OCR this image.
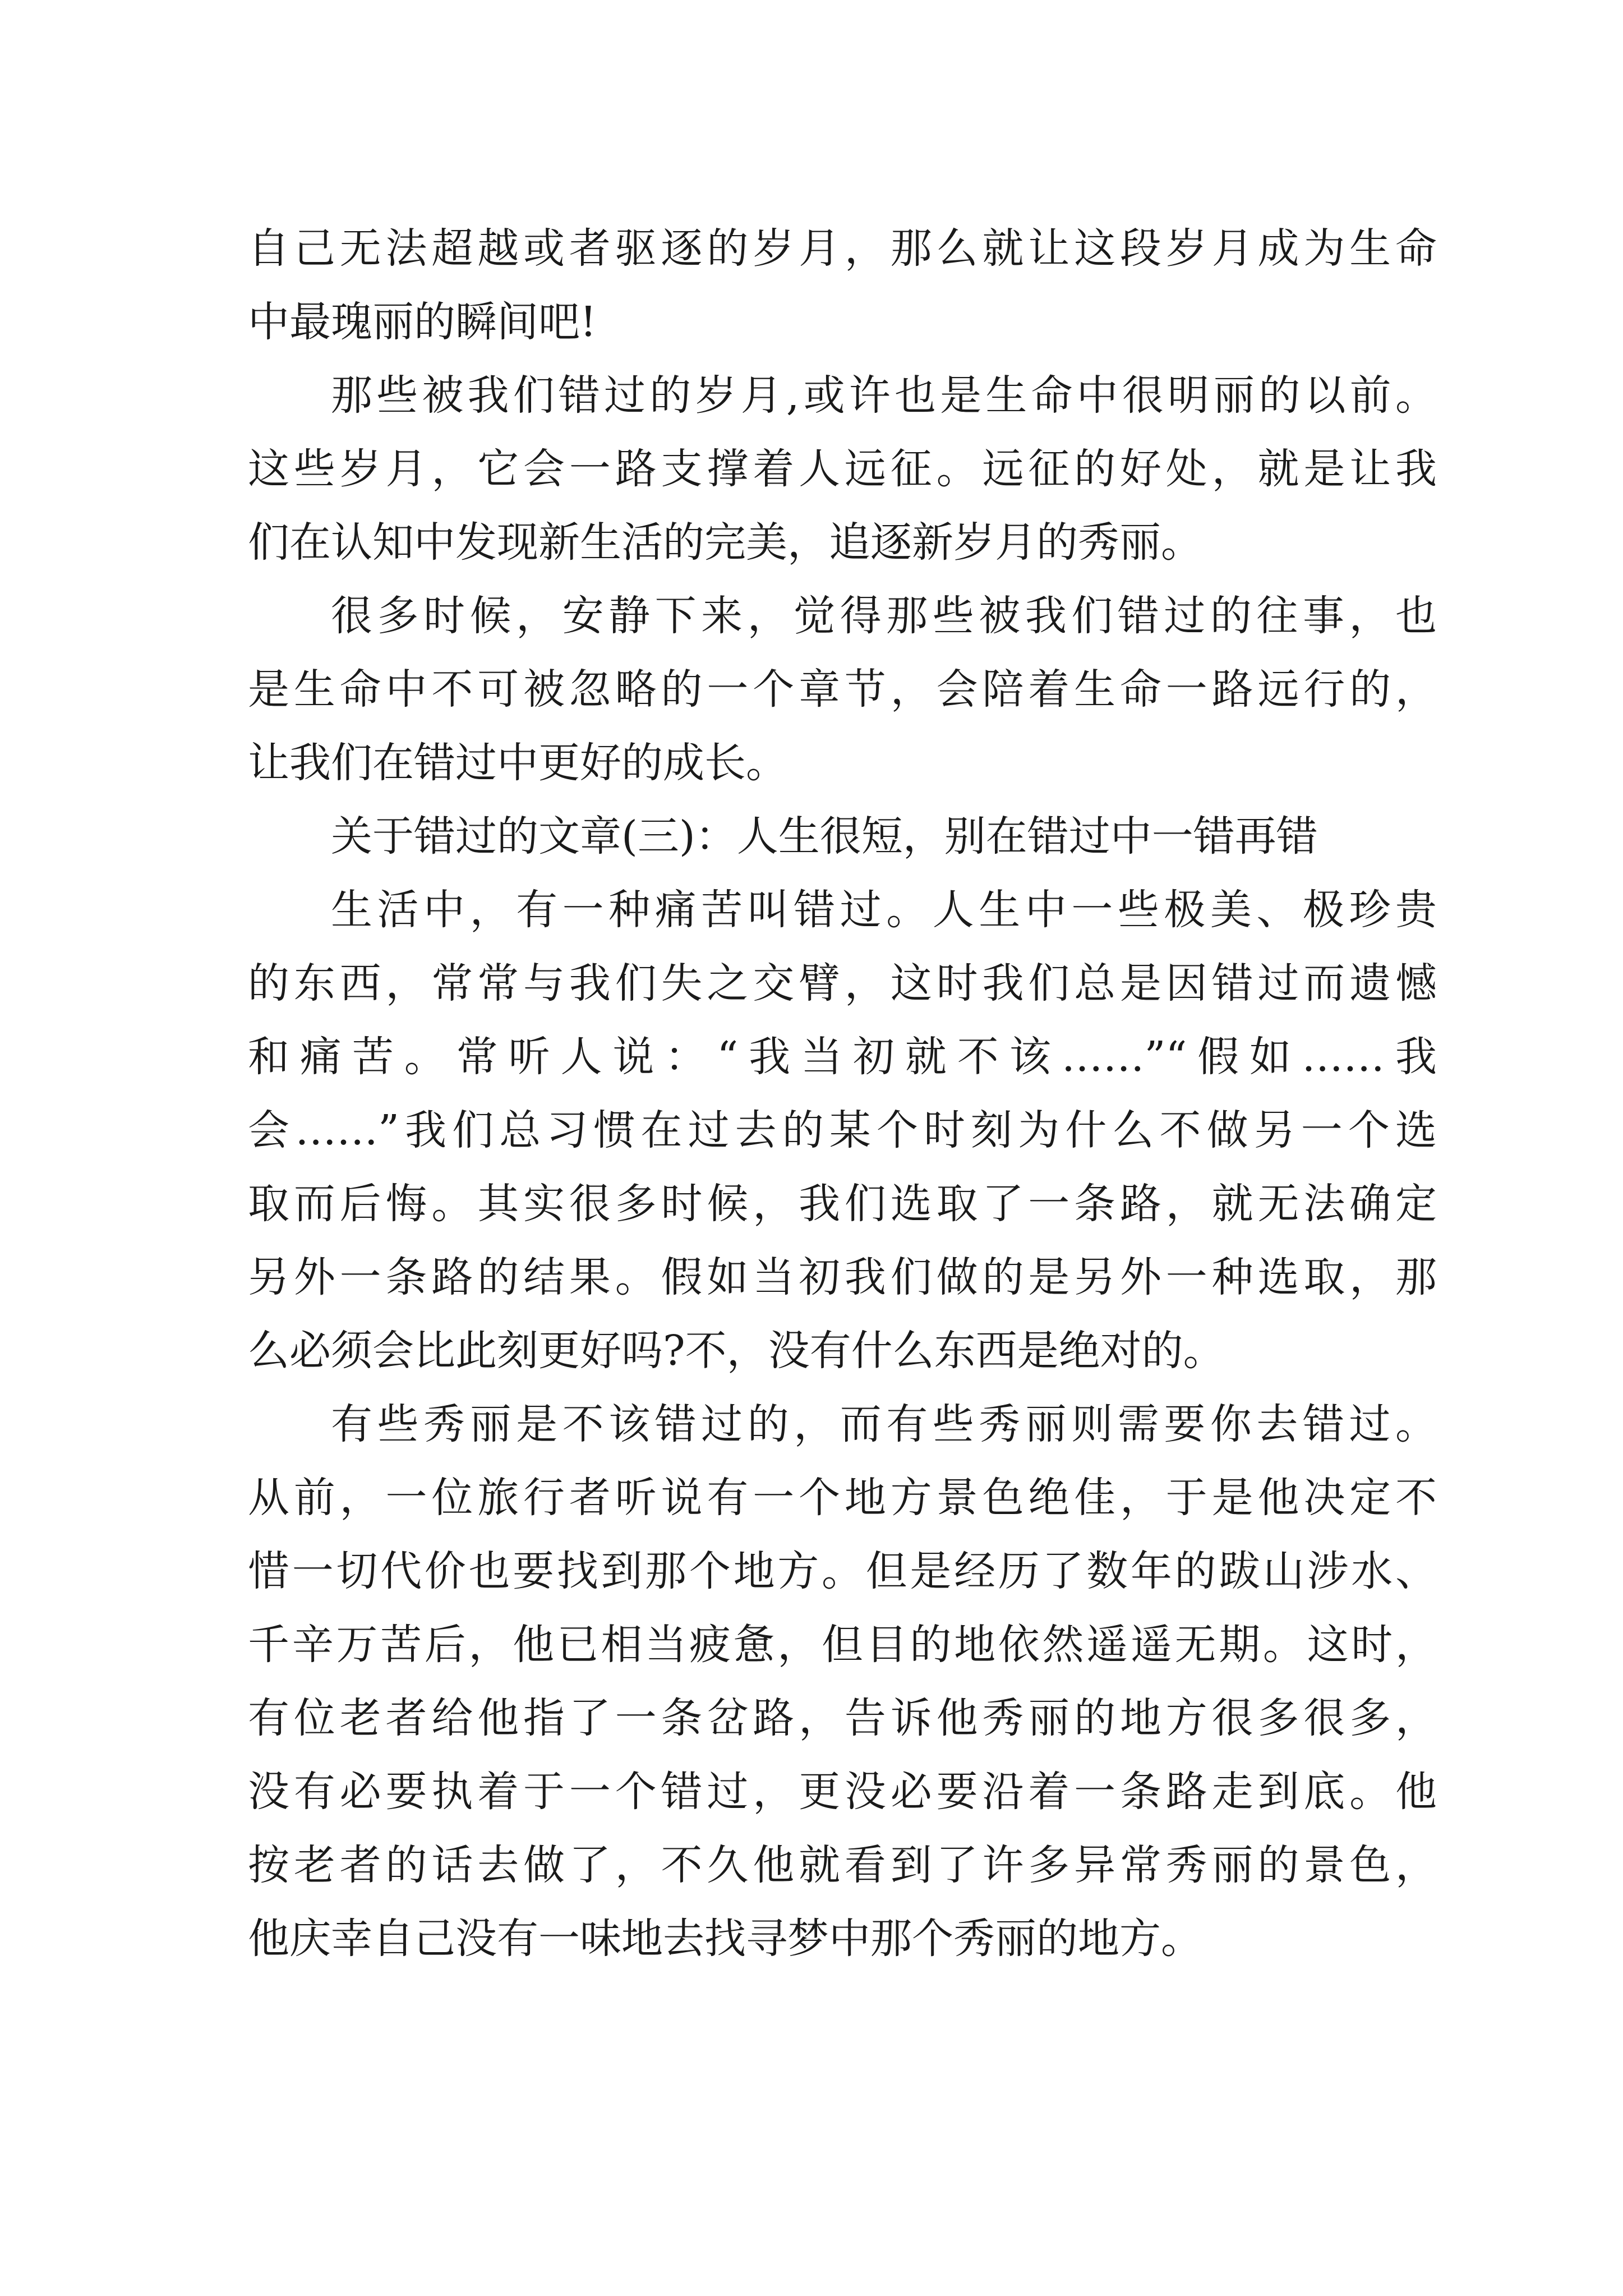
自己无法超越或者驱逐的岁月，那么就让这段岁月成为生命
中最瑰丽的瞬间吧!
那些被我们错过的岁月,或许也是生命中很明丽的以前。
这些岁月，它会一路支撑着人远征。远征的好处，就是让我
们在认知中发现新生活的完美，追逐新岁月的秀丽。
很多时候，安静下来，觉得那些被我们错过的往事，也
是生命中不可被忽略的一个章节，会陪着生命一路远行的，
让我们在错过中更好的成长。
关于错过的文章(三)：人生很短，别在错过中一错再错
生活中，有一种痛苦叫错过。人生中一些极美、极珍贵
的东西，常常与我们失之交臂，这时我们总是因错过而遗憾
和痛苦。常听人说：“我当初就不该……”“假如……我
会……”我们总习惯在过去的某个时刻为什么不做另一个选
取而后悔。其实很多时候，我们选取了一条路，就无法确定
另外一条路的结果。假如当初我们做的是另外一种选取，那
么必须会比此刻更好吗?不，没有什么东西是绝对的。
有些秀丽是不该错过的，而有些秀丽则需要你去错过。
从前，一位旅行者听说有一个地方景色绝佳，于是他决定不
惜一切代价也要找到那个地方。但是经历了数年的跋山涉水、
千辛万苦后，他已相当疲惫，但目的地依然遥遥无期。这时，
有位老者给他指了一条岔路，告诉他秀丽的地方很多很多，
没有必要执着于一个错过，更没必要沿着一条路走到底。他
按老者的话去做了，不久他就看到了许多异常秀丽的景色，
他庆幸自己没有一味地去找寻梦中那个秀丽的地方。
